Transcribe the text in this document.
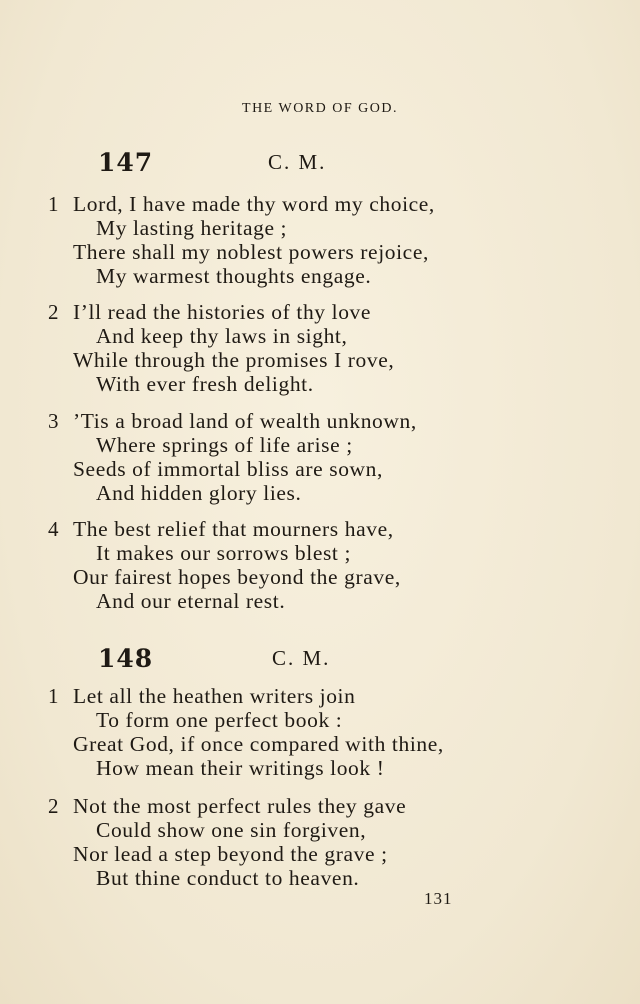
THE WORD OF GOD.
147	C. M.
1 Lord, I have made thy word my choice,
My lasting heritage ;
There shall my noblest powers rejoice,
My warmest thoughts engage.
2 I’ll read the histories of thy love
And keep thy laws in sight,
While through the promises I rove,
With ever fresh delight.
3 ’Tis a broad land of wealth unknown,
Where springs of life arise ;
Seeds of immortal bliss are sown,
And hidden glory lies.
4 The best relief that mourners have,
It makes our sorrows blest ;
Our fairest hopes beyond the grave,
And our eternal rest.
148	C. M.
1 Let all the heathen writers join
To form one perfect book :
Great God, if once compared with thine,
How mean their writings look !
2 Not the most perfect rules they gave
Could show one sin forgiven,
Nor lead a step beyond the grave ;
But thine conduct to heaven.
131
